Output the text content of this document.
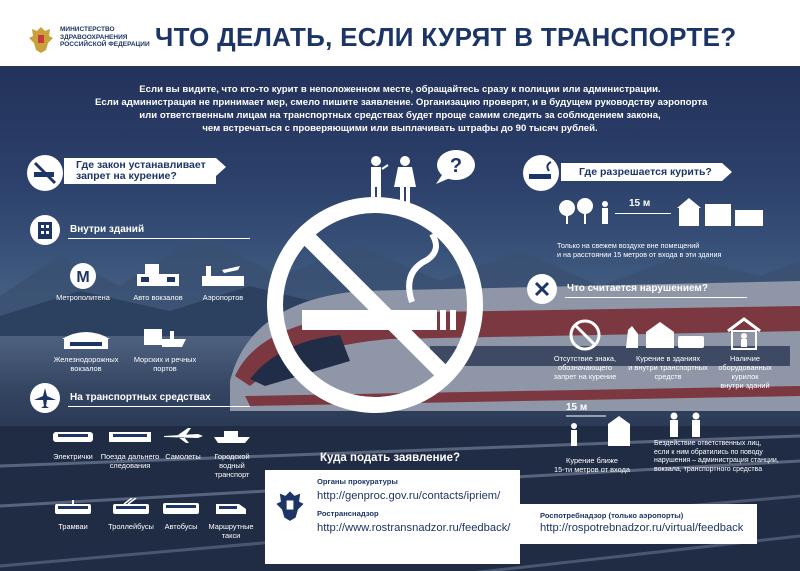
МИНИСТЕРСТВО
ЗДРАВООХРАНЕНИЯ
РОССИЙСКОЙ ФЕДЕРАЦИИ ЧТО ДЕЛАТЬ, ЕСЛИ КУРЯТ В ТРАНСПОРТЕ?
Если вы видите, что кто-то курит в неположенном месте, обращайтесь сразу к полиции или администрации.
Если администрация не принимает мер, смело пишите заявление. Организацию проверят, и в будущем руководству аэропорта
или ответственным лицам на транспортных средствах будет проще самим следить за соблюдением закона,
чем встречаться с проверяющими или выплачивать штрафы до 90 тысяч рублей.
?
Где закон устанавливает
запрет на курение?
Внутри зданий
М
Метрополитена	Авто вокзалов	Аэропортов
Железнодорожных
вокзалов
Морских и речных
портов
На транспортных средствах
Электрички	Поезда дальнего
следования
Самолеты	Городской
водный
транспорт
Трамваи	Троллейбусы	Автобусы	Маршрутные
такси
Где разрешается курить?
15 м
Только на свежем воздухе вне помещений
и на расстоянии 15 метров от входа в эти здания
Что считается нарушением?
Отсутствие знака,
обозначающего
запрет на курение
Курение в зданиях
и внутри транспортных
средств
Наличие
оборудованных
курилок
внутри зданий
15 м
Курение ближе
15-ти метров от входа
Бездействие ответственных лиц,
если к ним обратились по поводу
нарушения – администрация станции,
вокзала, транспортного средства
Куда подать заявление?
Органы прокуратуры
http://genproc.gov.ru/contacts/ipriem/
Ространснадзор
http://www.rostransnadzor.ru/feedback/
Роспотребнадзор (только аэропорты)
http://rospotrebnadzor.ru/virtual/feedback
